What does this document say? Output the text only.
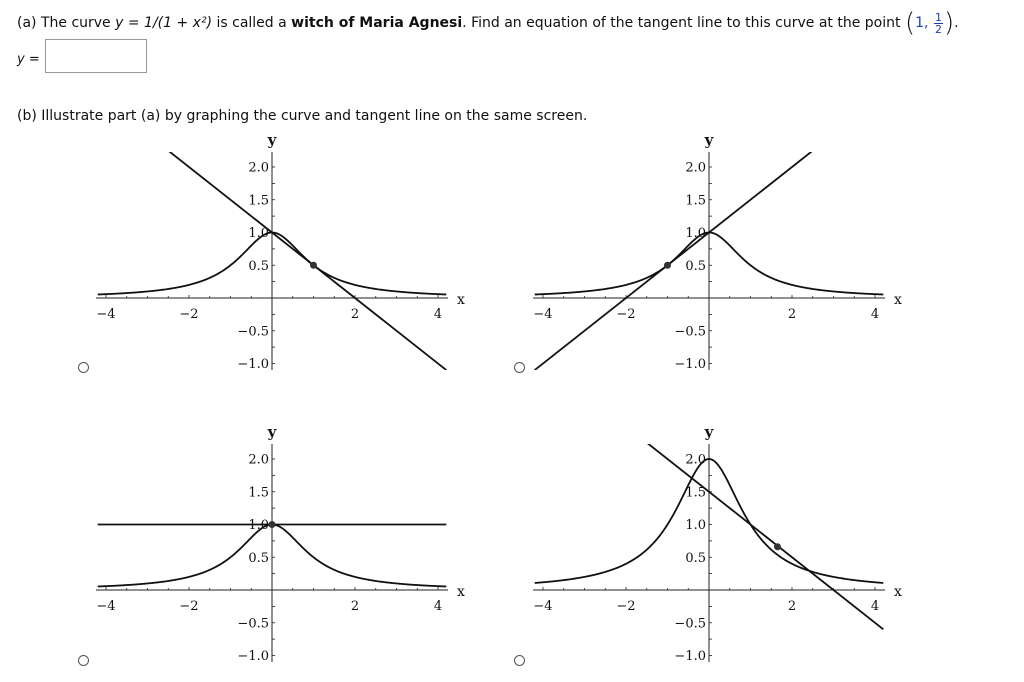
(a) The curve y = 1/(1 + x²) is called a witch of Maria Agnesi. Find an equation of the tangent line to this curve at the point (1, $\frac{1}{2}$ ).
y =
(b) Illustrate part (a) by graphing the curve and tangent line on the same screen.
−4	−2	2	4
2.0
1.5
1.0
0.5
−0.5
−1.0
x
y
−4	−2	2	4
2.0
1.5
1.0
0.5
−0.5
−1.0
x
y
−4	−2	2	4
2.0
1.5
1.0
0.5
−0.5
−1.0
x
y
−4	−2	2	4
2.0
1.5
1.0
0.5
−0.5
−1.0
x
y
